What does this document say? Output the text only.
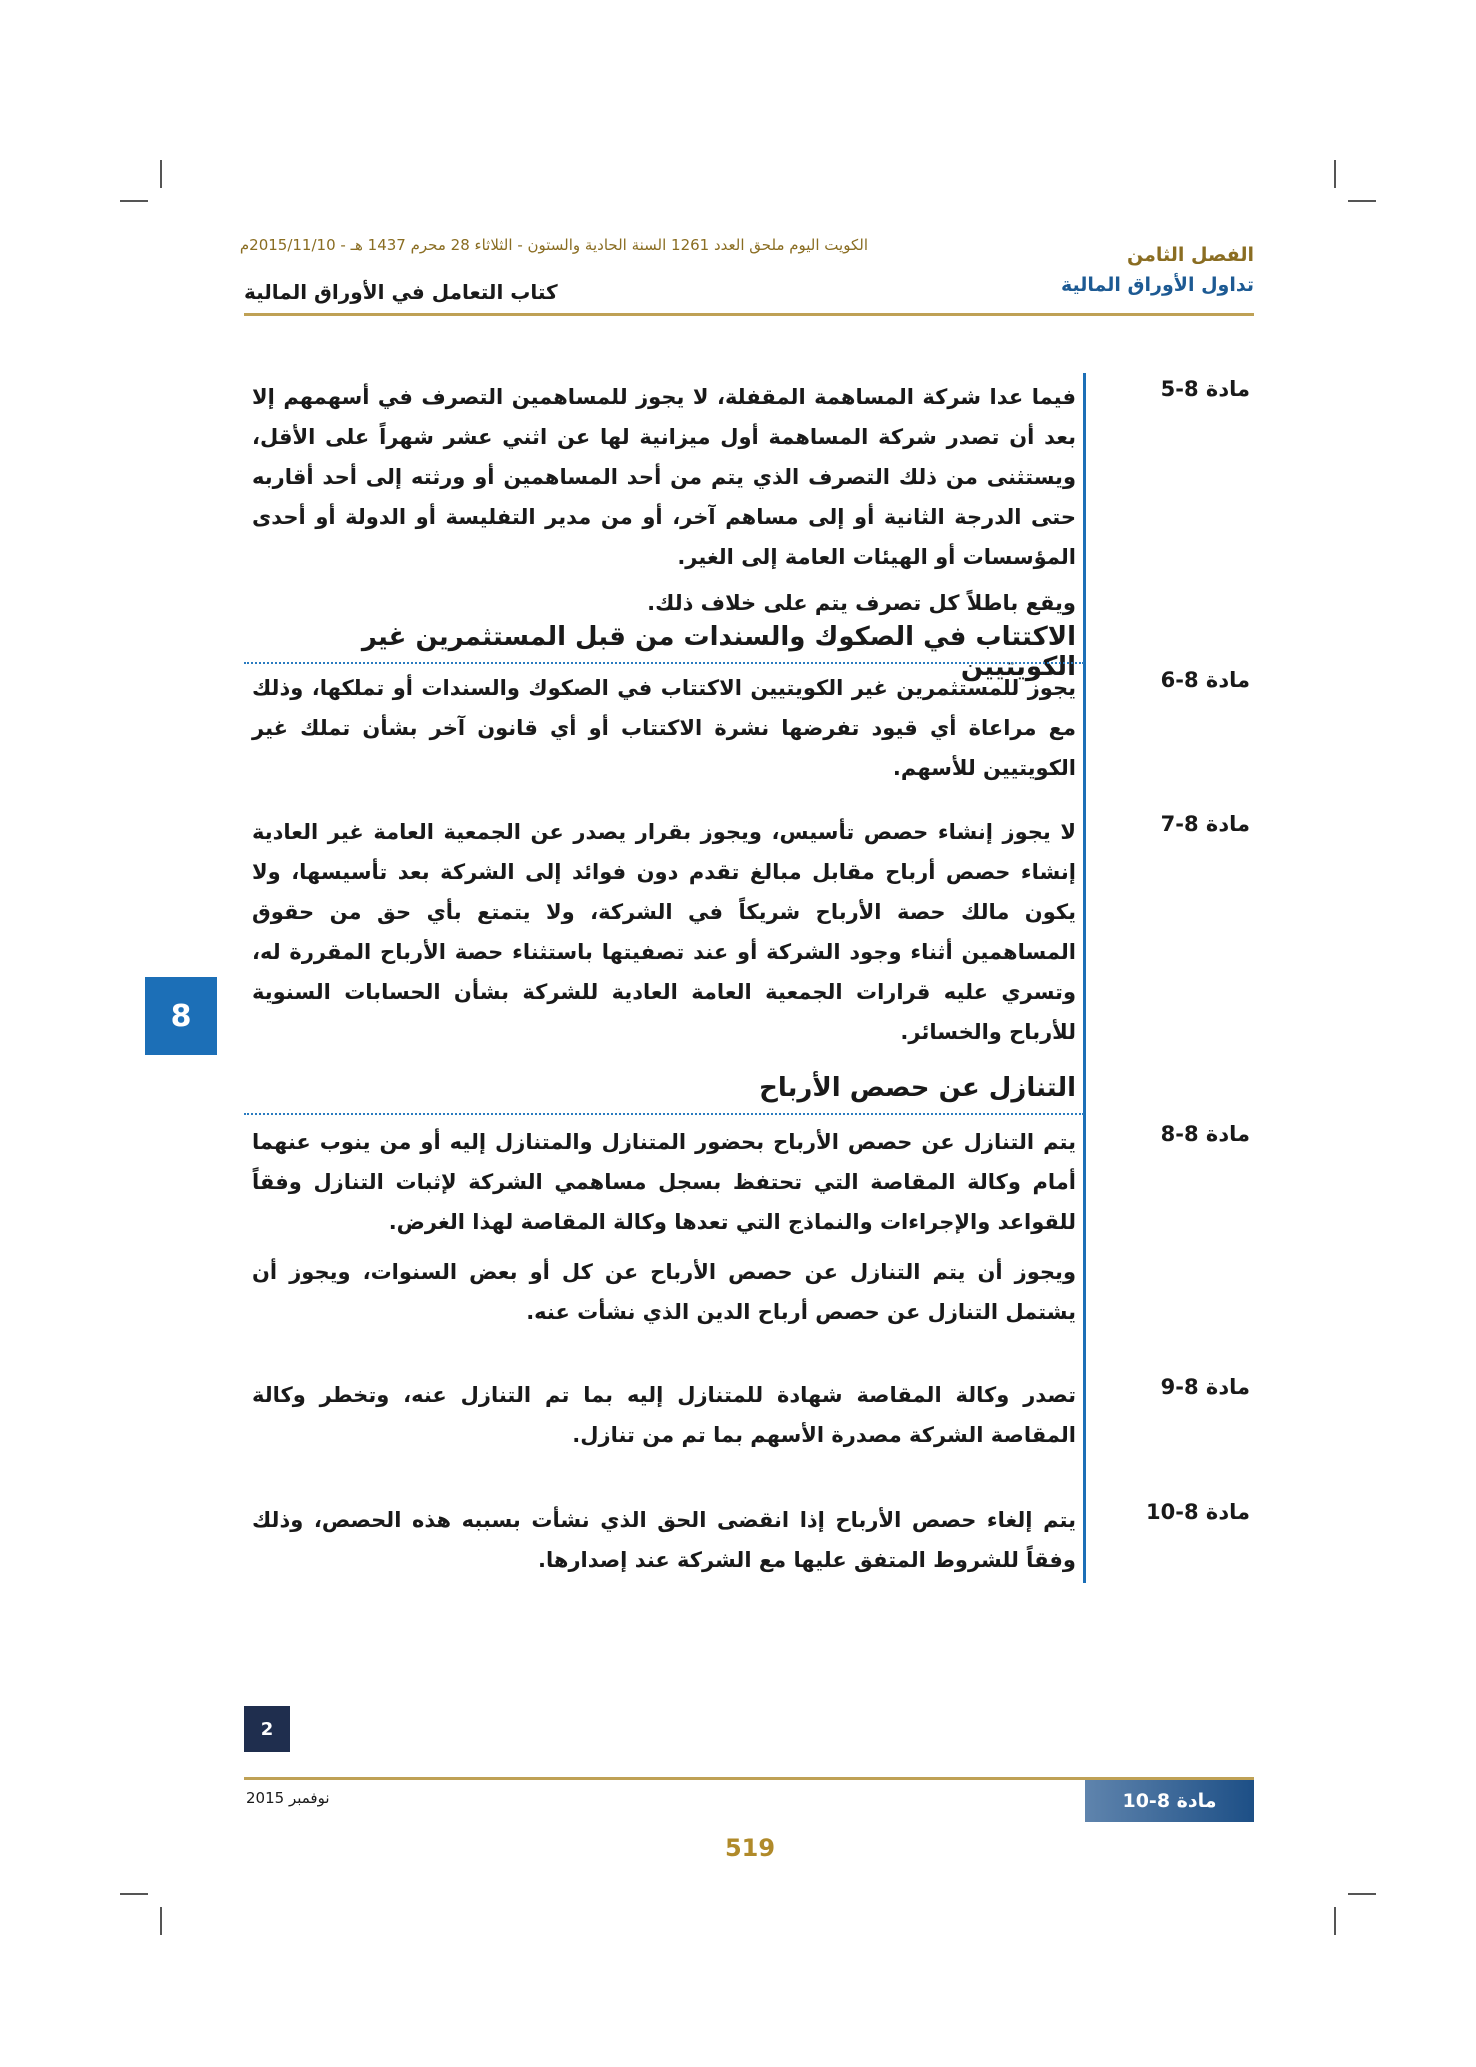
الكويت اليوم ملحق العدد 1261 السنة الحادية والستون - الثلاثاء 28 محرم 1437 هـ - 2015/11/10م	الفصل الثامن
تداول الأوراق المالية
كتاب التعامل في الأوراق المالية
مادة 8-5

فيما عدا شركة المساهمة المقفلة، لا يجوز للمساهمين التصرف في أسهمهم إلا بعد أن تصدر شركة المساهمة أول ميزانية لها عن اثني عشر شهراً على الأقل، ويستثنى من ذلك التصرف الذي يتم من أحد المساهمين أو ورثته إلى أحد أقاربه حتى الدرجة الثانية أو إلى مساهم آخر، أو من مدير التفليسة أو الدولة أو أحدى المؤسسات أو الهيئات العامة إلى الغير.

ويقع باطلاً كل تصرف يتم على خلاف ذلك.

الاكتتاب في الصكوك والسندات من قبل المستثمرين غير الكويتيين	مادة 8-6

يجوز للمستثمرين غير الكويتيين الاكتتاب في الصكوك والسندات أو تملكها، وذلك مع مراعاة أي قيود تفرضها نشرة الاكتتاب أو أي قانون آخر بشأن تملك غير الكويتيين للأسهم.

مادة 8-7

لا يجوز إنشاء حصص تأسيس، ويجوز بقرار يصدر عن الجمعية العامة غير العادية إنشاء حصص أرباح مقابل مبالغ تقدم دون فوائد إلى الشركة بعد تأسيسها، ولا يكون مالك حصة الأرباح شريكاً في الشركة، ولا يتمتع بأي حق من حقوق المساهمين أثناء وجود الشركة أو عند تصفيتها باستثناء حصة الأرباح المقررة له، وتسري عليه قرارات الجمعية العامة العادية للشركة بشأن الحسابات السنوية للأرباح والخسائر.

8
التنازل عن حصص الأرباح
مادة 8-8

يتم التنازل عن حصص الأرباح بحضور المتنازل والمتنازل إليه أو من ينوب عنهما أمام وكالة المقاصة التي تحتفظ بسجل مساهمي الشركة لإثبات التنازل وفقاً للقواعد والإجراءات والنماذج التي تعدها وكالة المقاصة لهذا الغرض.

ويجوز أن يتم التنازل عن حصص الأرباح عن كل أو بعض السنوات، ويجوز أن يشتمل التنازل عن حصص أرباح الدين الذي نشأت عنه.

مادة 8-9

تصدر وكالة المقاصة شهادة للمتنازل إليه بما تم التنازل عنه، وتخطر وكالة المقاصة الشركة مصدرة الأسهم بما تم من تنازل.

مادة 8-10

يتم إلغاء حصص الأرباح إذا انقضى الحق الذي نشأت بسببه هذه الحصص، وذلك وفقاً للشروط المتفق عليها مع الشركة عند إصدارها.

2
مادة 8-10
نوفمبر 2015
519
